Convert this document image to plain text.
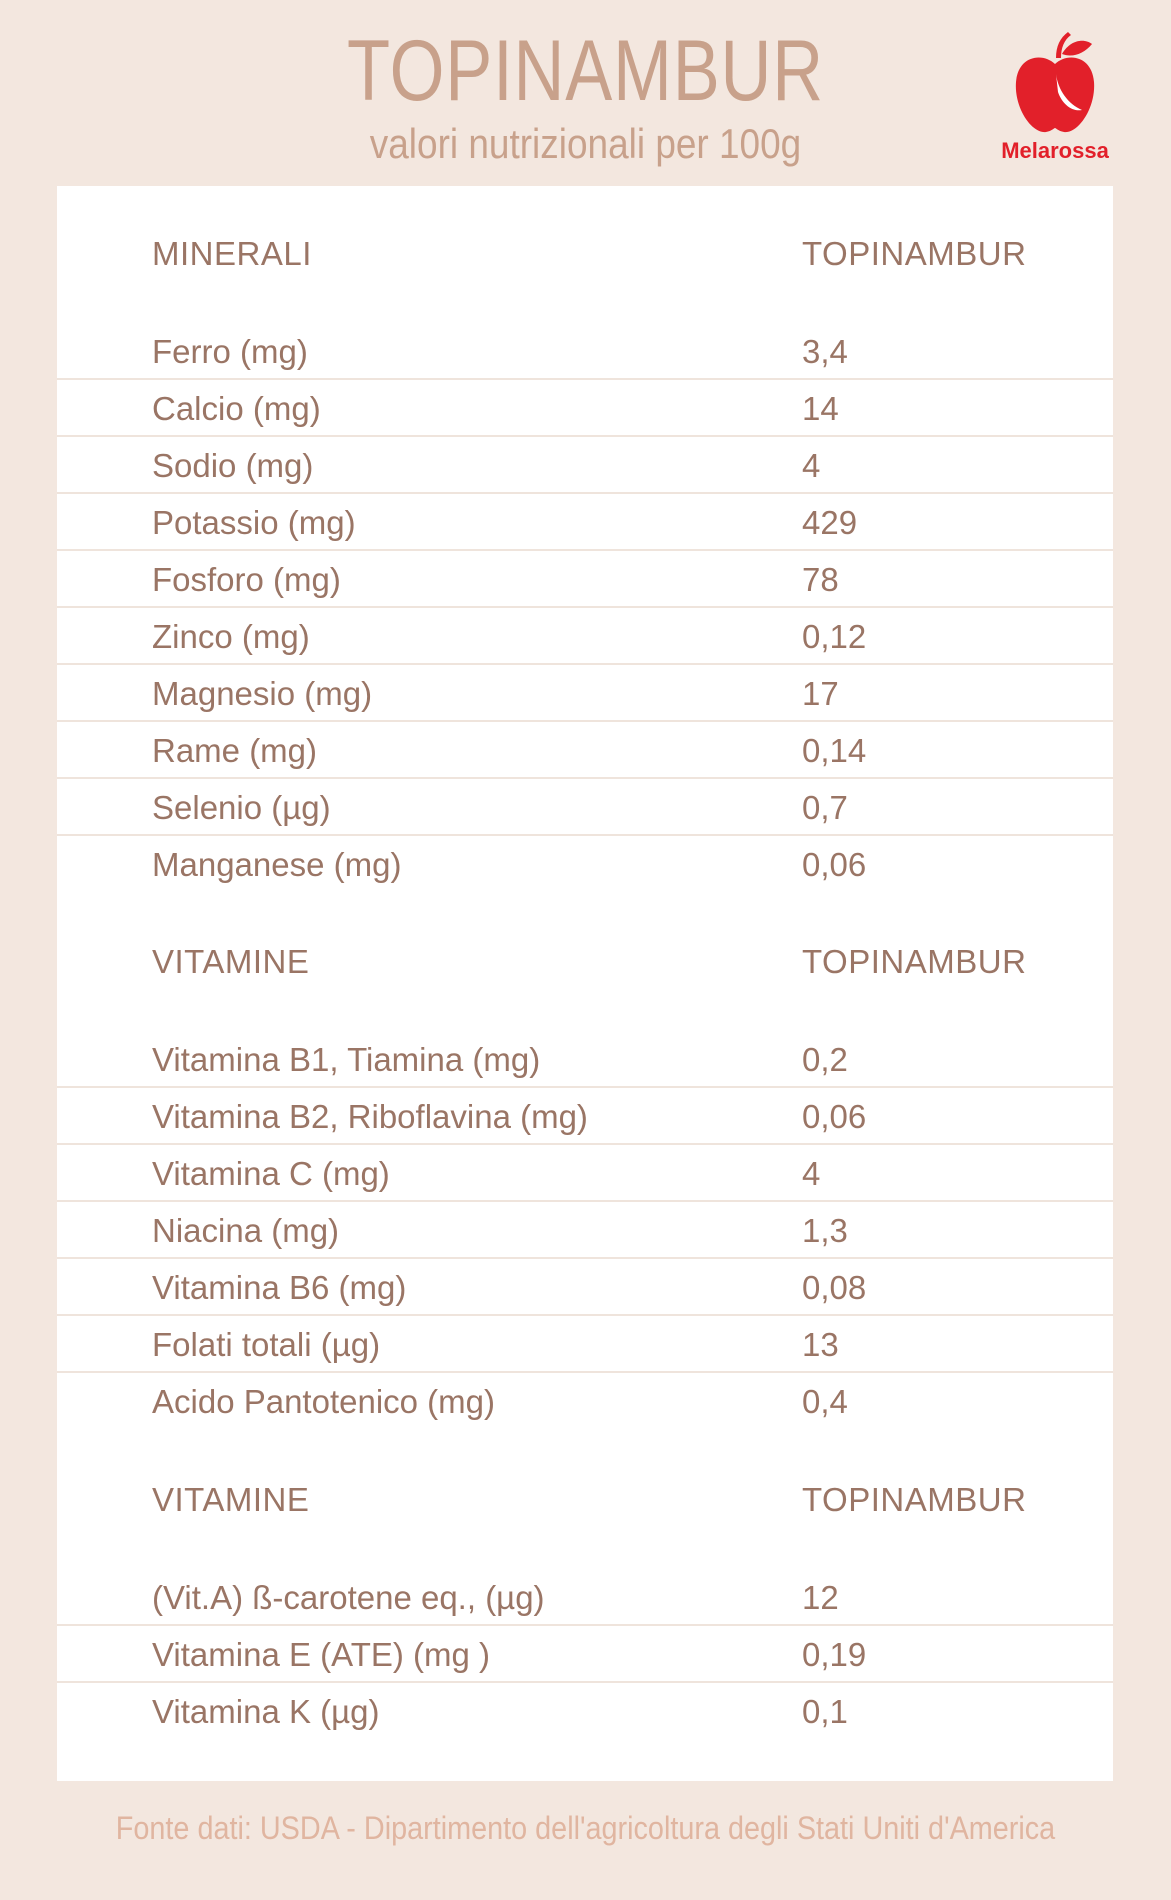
TOPINAMBUR
valori nutrizionali per 100g	Melarossa
MINERALI	TOPINAMBUR
Ferro (mg)	3,4
Calcio (mg)	14
Sodio (mg)	4
Potassio (mg)	429
Fosforo (mg)	78
Zinco (mg)	0,12
Magnesio (mg)	17
Rame (mg)	0,14
Selenio (µg)	0,7
Manganese (mg)	0,06
VITAMINE	TOPINAMBUR
Vitamina B1, Tiamina (mg)	0,2
Vitamina B2, Riboflavina (mg)	0,06
Vitamina C (mg)	4
Niacina (mg)	1,3
Vitamina B6 (mg)	0,08
Folati totali (µg)	13
Acido Pantotenico (mg)	0,4
VITAMINE	TOPINAMBUR
(Vit.A) ß-carotene eq., (µg)	12
Vitamina E (ATE) (mg )	0,19
Vitamina K (µg)	0,1
Fonte dati: USDA - Dipartimento dell'agricoltura degli Stati Uniti d'America
